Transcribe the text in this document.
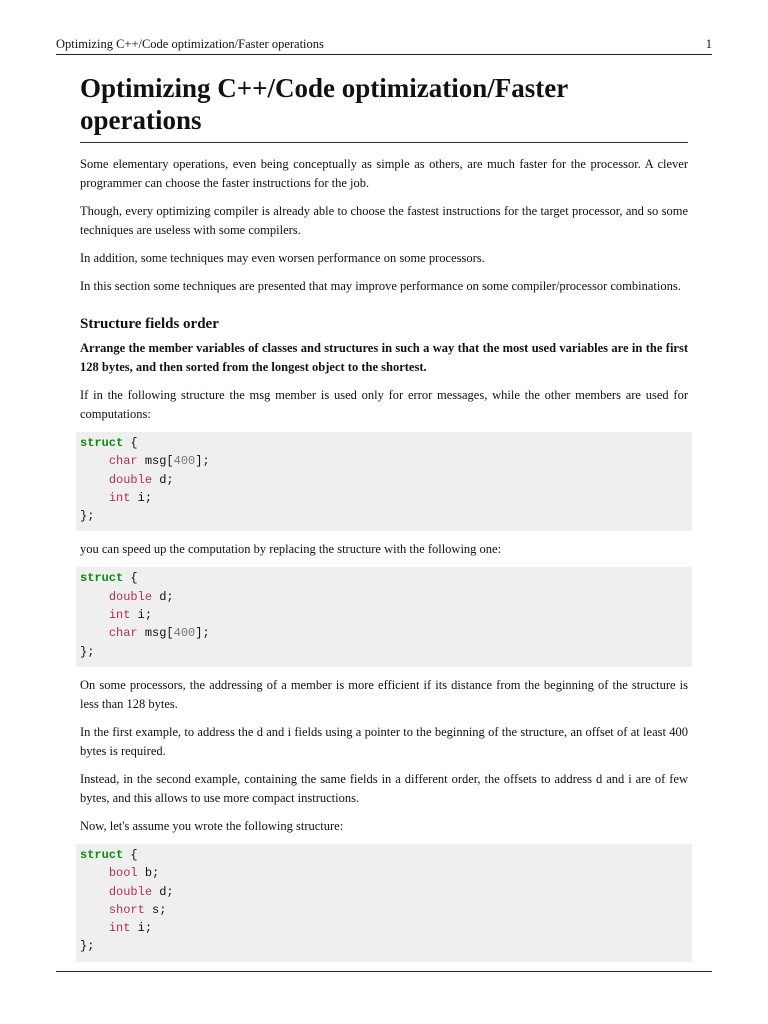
Optimizing C++/Code optimization/Faster operations	1
Optimizing C++/Code optimization/Faster operations

Some elementary operations, even being conceptually as simple as others, are much faster for the processor. A clever programmer can choose the faster instructions for the job.

Though, every optimizing compiler is already able to choose the fastest instructions for the target processor, and so some techniques are useless with some compilers.

In addition, some techniques may even worsen performance on some processors.

In this section some techniques are presented that may improve performance on some compiler/processor combinations.

Structure fields order

Arrange the member variables of classes and structures in such a way that the most used variables are in the first 128 bytes, and then sorted from the longest object to the shortest.

If in the following structure the msg member is used only for error messages, while the other members are used for computations:

struct {
char msg[400];
double d;
int i;
};

you can speed up the computation by replacing the structure with the following one:

struct {
double d;
int i;
char msg[400];
};

On some processors, the addressing of a member is more efficient if its distance from the beginning of the structure is less than 128 bytes.

In the first example, to address the d and i fields using a pointer to the beginning of the structure, an offset of at least 400 bytes is required.

Instead, in the second example, containing the same fields in a different order, the offsets to address d and i are of few bytes, and this allows to use more compact instructions.

Now, let's assume you wrote the following structure:

struct {
bool b;
double d;
short s;
int i;
};
